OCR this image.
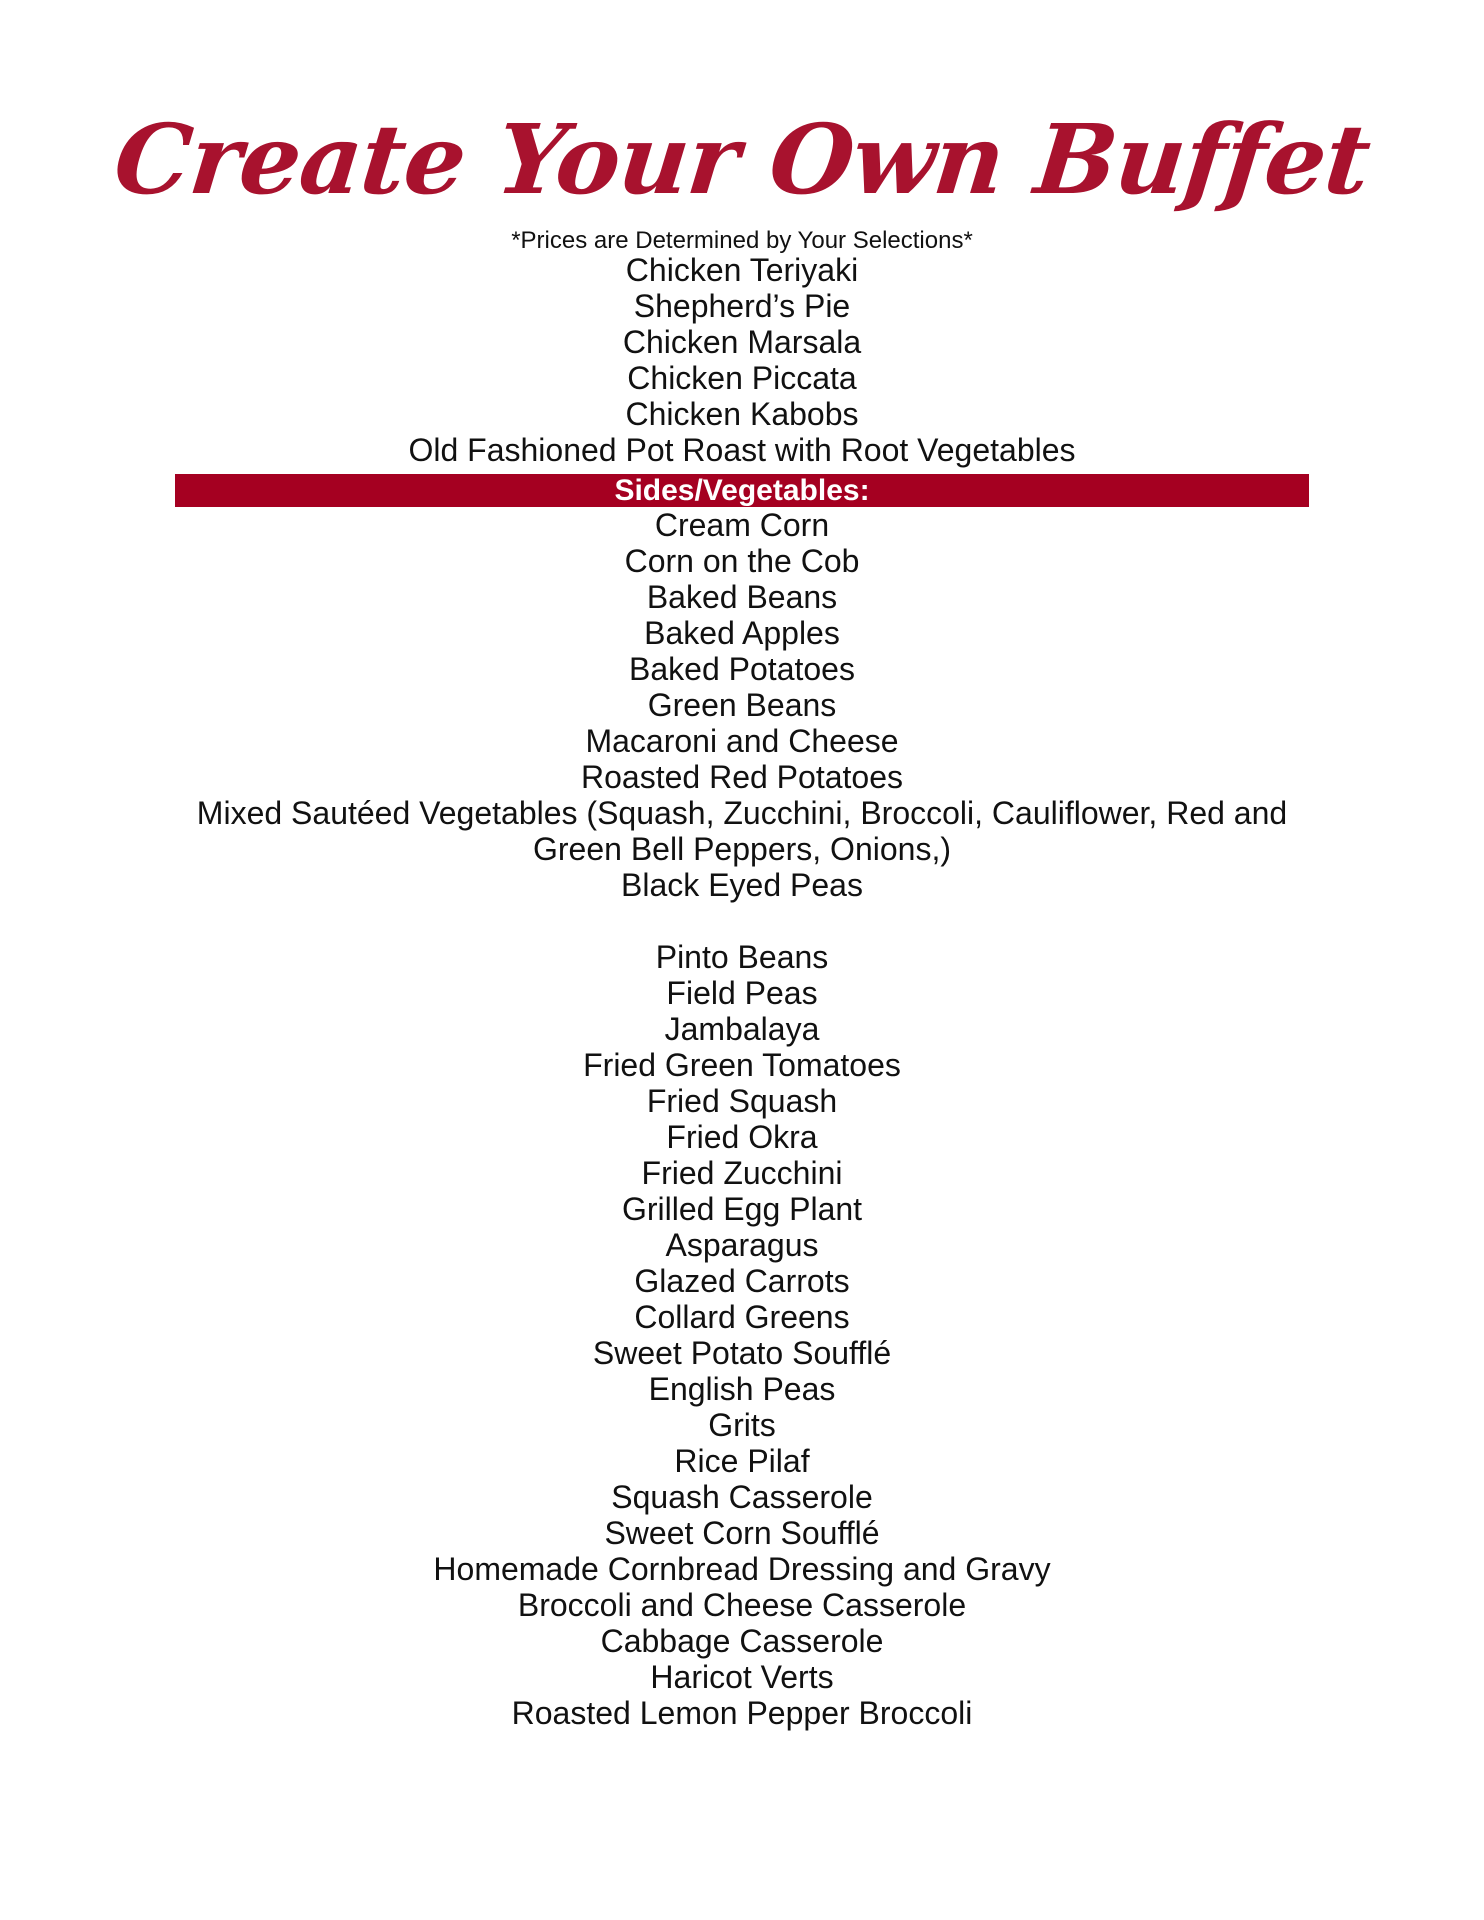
Create Your Own Buffet
*Prices are Determined by Your Selections*
Chicken Teriyaki
Shepherd’s Pie
Chicken Marsala
Chicken Piccata
Chicken Kabobs
Old Fashioned Pot Roast with Root Vegetables
Sides/Vegetables:
Cream Corn
Corn on the Cob
Baked Beans
Baked Apples
Baked Potatoes
Green Beans
Macaroni and Cheese
Roasted Red Potatoes
Mixed Sautéed Vegetables (Squash, Zucchini, Broccoli, Cauliflower, Red and Green Bell Peppers, Onions,)
Black Eyed Peas
Pinto Beans
Field Peas
Jambalaya
Fried Green Tomatoes
Fried Squash
Fried Okra
Fried Zucchini
Grilled Egg Plant
Asparagus
Glazed Carrots
Collard Greens
Sweet Potato Soufflé
English Peas
Grits
Rice Pilaf
Squash Casserole
Sweet Corn Soufflé
Homemade Cornbread Dressing and Gravy
Broccoli and Cheese Casserole
Cabbage Casserole
Haricot Verts
Roasted Lemon Pepper Broccoli
